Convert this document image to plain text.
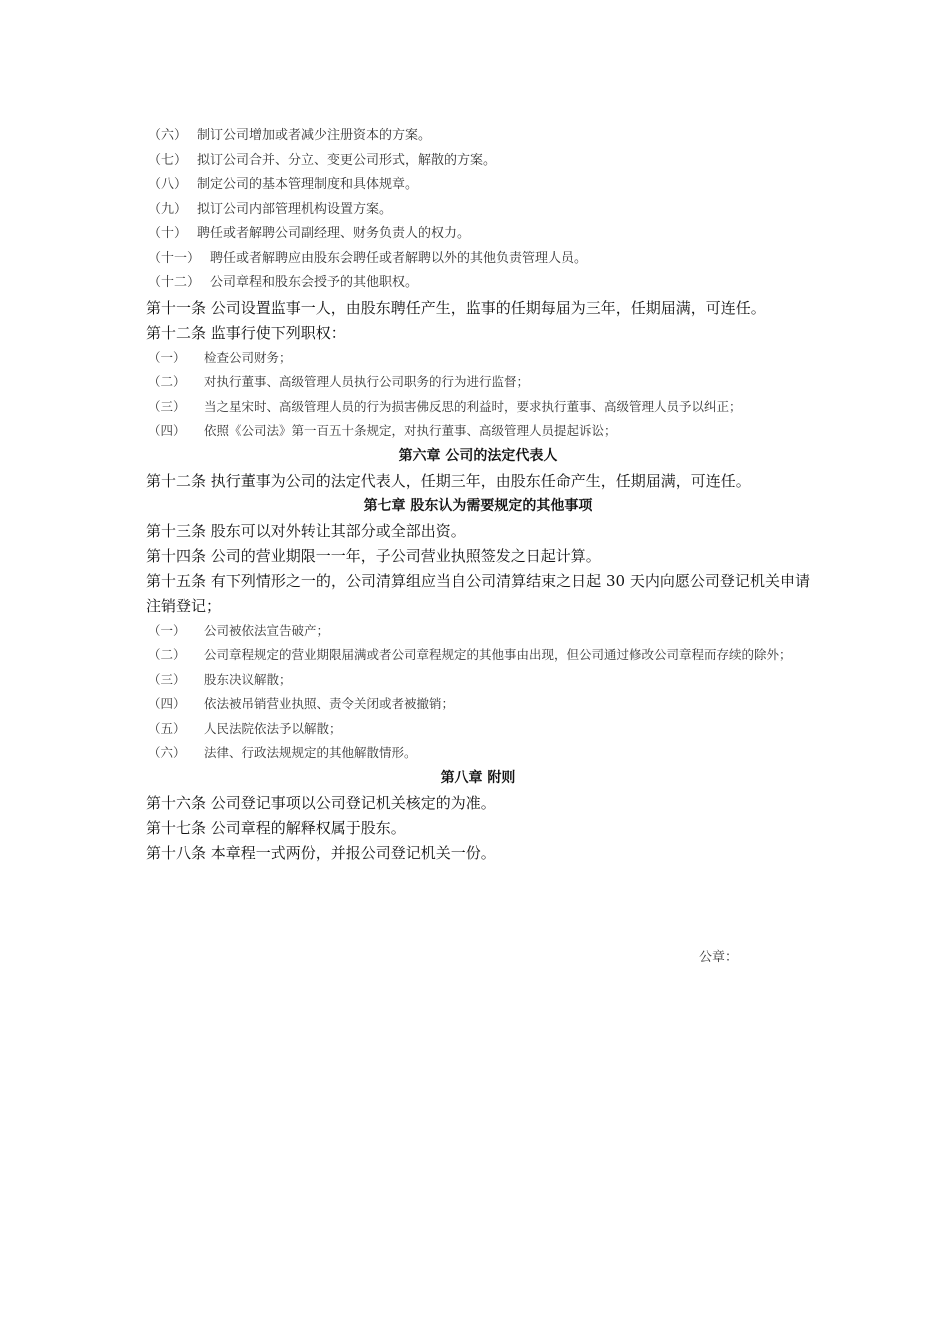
（六） 制订公司增加或者减少注册资本的方案。
（七） 拟订公司合并、分立、变更公司形式，解散的方案。
（八） 制定公司的基本管理制度和具体规章。
（九） 拟订公司内部管理机构设置方案。
（十） 聘任或者解聘公司副经理、财务负责人的权力。
（十一） 聘任或者解聘应由股东会聘任或者解聘以外的其他负责管理人员。
（十二） 公司章程和股东会授予的其他职权。
第十一条 公司设置监事一人，由股东聘任产生，监事的任期每届为三年，任期届满，可连任。
第十二条 监事行使下列职权：
（一）	检查公司财务；
（二）	对执行董事、高级管理人员执行公司职务的行为进行监督；
（三）	当之星宋时、高级管理人员的行为损害佛反思的利益时，要求执行董事、高级管理人员予以纠正；
（四）	依照《公司法》第一百五十条规定，对执行董事、高级管理人员提起诉讼；
第六章 公司的法定代表人
第十二条 执行董事为公司的法定代表人，任期三年，由股东任命产生，任期届满，可连任。
第七章 股东认为需要规定的其他事项
第十三条 股东可以对外转让其部分或全部出资。
第十四条 公司的营业期限一一年，子公司营业执照签发之日起计算。
第十五条 有下列情形之一的，公司清算组应当自公司清算结束之日起 30 天内向愿公司登记机关申请注销登记；
（一）	公司被依法宣告破产；
（二）	公司章程规定的营业期限届满或者公司章程规定的其他事由出现，但公司通过修改公司章程而存续的除外；
（三）	股东决议解散；
（四）	依法被吊销营业执照、责令关闭或者被撤销；
（五）	人民法院依法予以解散；
（六）	法律、行政法规规定的其他解散情形。
第八章 附则
第十六条 公司登记事项以公司登记机关核定的为准。
第十七条 公司章程的解释权属于股东。
第十八条 本章程一式两份，并报公司登记机关一份。
公章：
